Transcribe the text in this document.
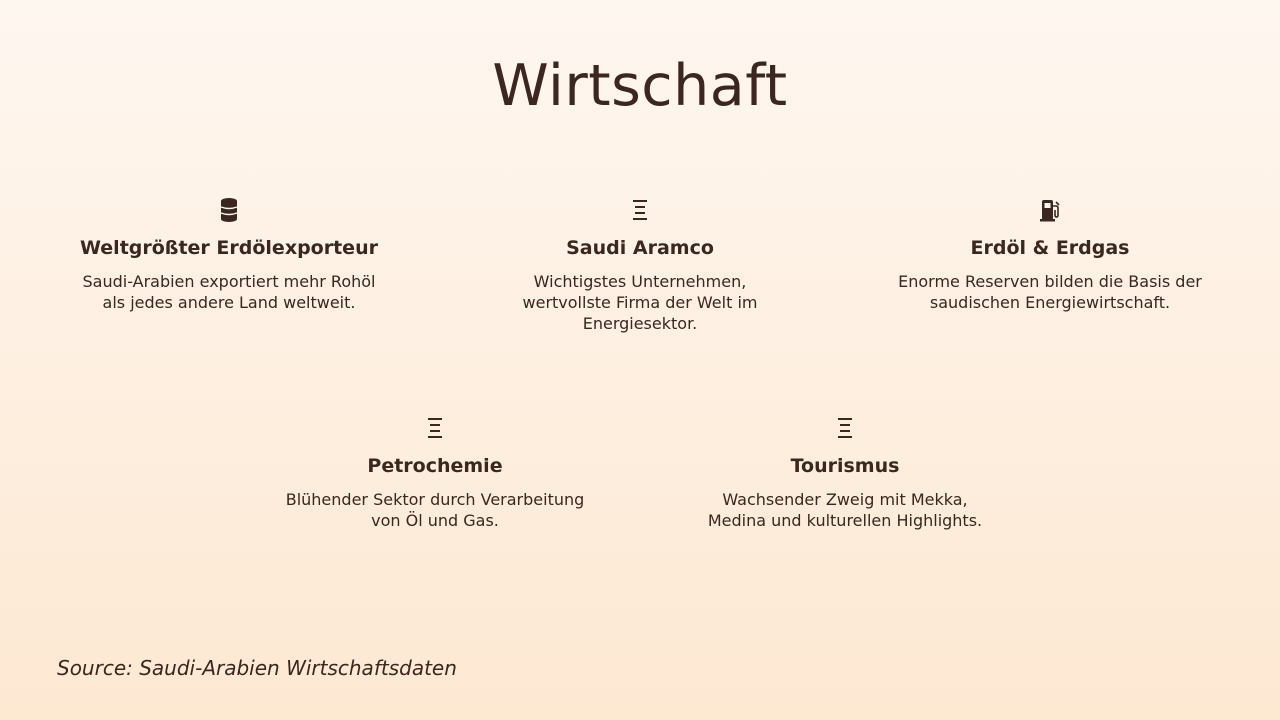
Wirtschaft
Weltgrößter Erdölexporteur
Saudi-Arabien exportiert mehr Rohöl als jedes andere Land weltweit.
Saudi Aramco
Wichtigstes Unternehmen, wertvollste Firma der Welt im Energiesektor.
Erdöl & Erdgas
Enorme Reserven bilden die Basis der saudischen Energiewirtschaft.
Petrochemie
Blühender Sektor durch Verarbeitung von Öl und Gas.
Tourismus
Wachsender Zweig mit Mekka, Medina und kulturellen Highlights.
Source: Saudi-Arabien Wirtschaftsdaten
